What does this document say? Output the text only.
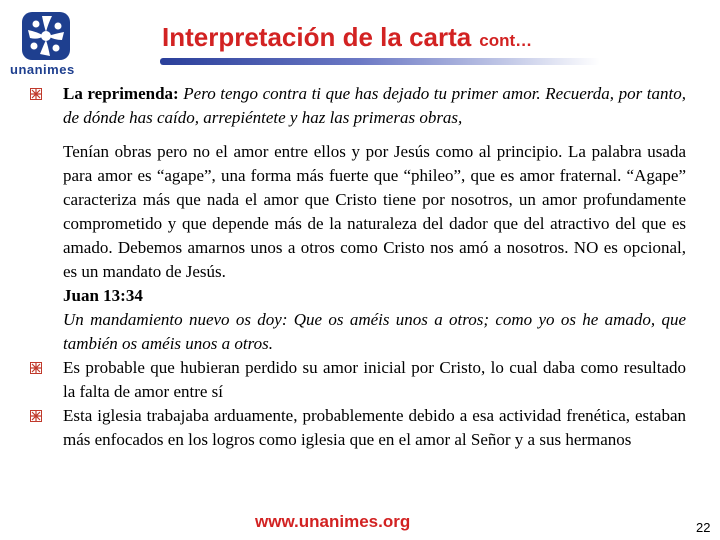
unanimes
Interpretación de la carta cont…
La reprimenda: Pero tengo contra ti que has dejado tu primer amor. Recuerda, por tanto, de dónde has caído, arrepiéntete y haz las primeras obras,
Tenían obras pero no el amor entre ellos y por Jesús como al principio. La palabra usada para amor es “agape”, una forma más fuerte que “phileo”, que es amor fraternal. “Agape” caracteriza más que nada el amor que Cristo tiene por nosotros, un amor profundamente comprometido y que depende más de la naturaleza del dador que del atractivo del que es amado. Debemos amarnos unos a otros como Cristo nos amó a nosotros. NO es opcional, es un mandato de Jesús.
Juan 13:34
Un mandamiento nuevo os doy: Que os améis unos a otros; como yo os he amado, que también os améis unos a otros.
Es probable que hubieran perdido su amor inicial por Cristo, lo cual daba como resultado la falta de amor entre sí
Esta iglesia trabajaba arduamente, probablemente debido a esa actividad frenética, estaban más enfocados en los logros como iglesia que en el amor al Señor y a sus hermanos
www.unanimes.org	22
